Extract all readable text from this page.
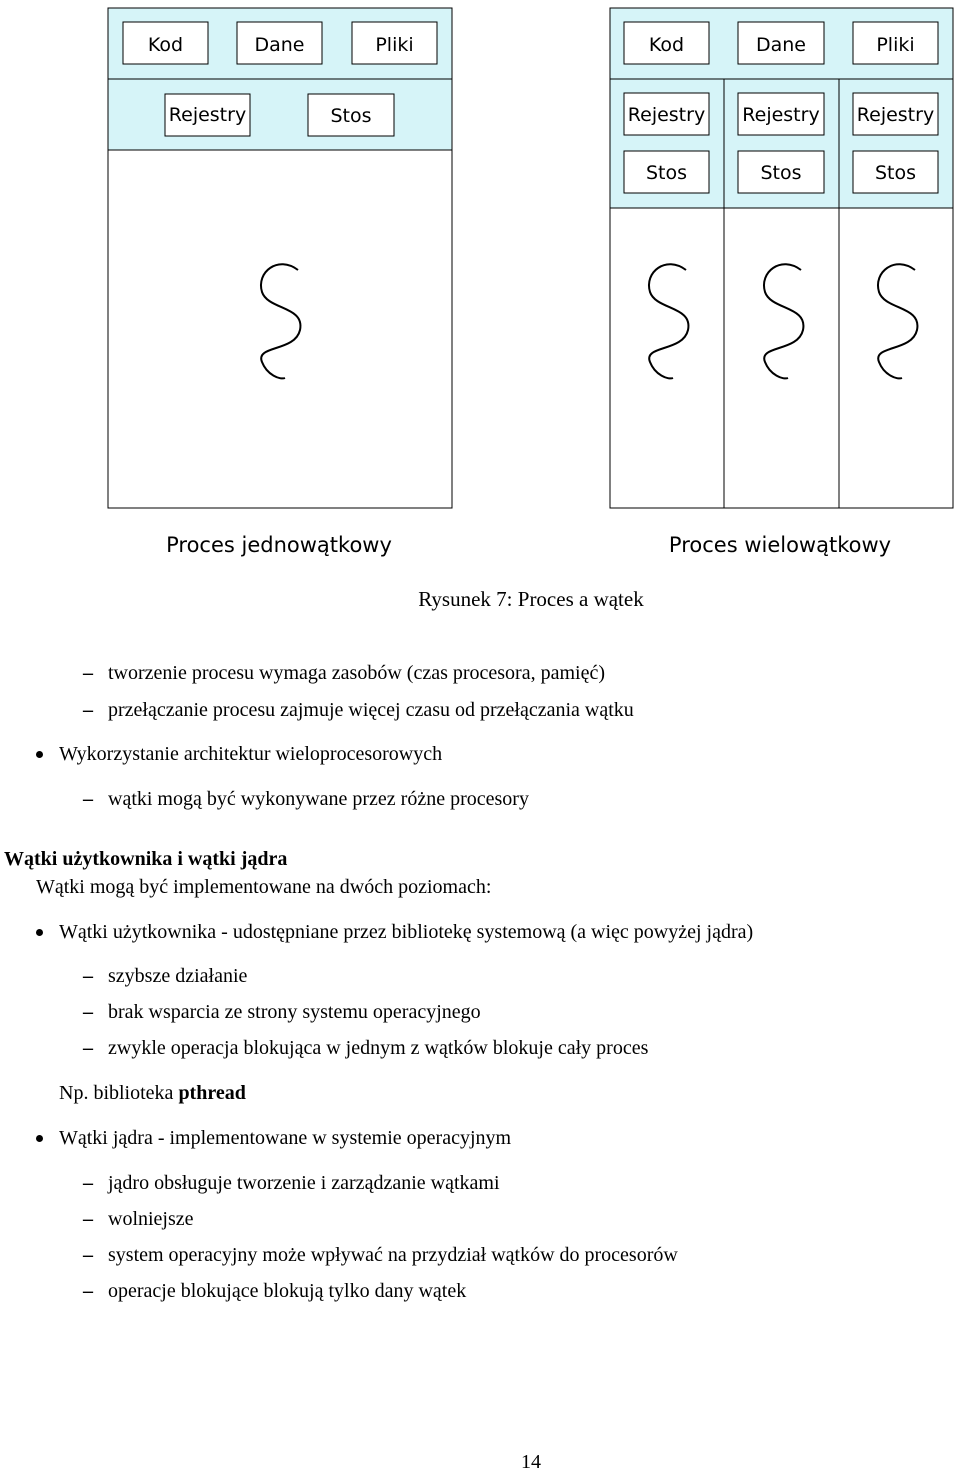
Kod	Dane	Pliki
Rejestry	Stos
Kod	Dane	Pliki
Rejestry Rejestry Rejestry
Stos	Stos	Stos
Proces jednowątkowy	Proces wielowątkowy
Rysunek 7: Proces a wątek
– tworzenie procesu wymaga zasobów (czas procesora, pamięć)
– przełączanie procesu zajmuje więcej czasu od przełączania wątku
Wykorzystanie architektur wieloprocesorowych
– wątki mogą być wykonywane przez różne procesory
Wątki użytkownika i wątki jądra
Wątki mogą być implementowane na dwóch poziomach:
Wątki użytkownika - udostępniane przez bibliotekę systemową (a więc powyżej jądra)
– szybsze działanie
– brak wsparcia ze strony systemu operacyjnego
– zwykle operacja blokująca w jednym z wątków blokuje cały proces
Np. biblioteka pthread
Wątki jądra - implementowane w systemie operacyjnym
– jądro obsługuje tworzenie i zarządzanie wątkami
– wolniejsze
– system operacyjny może wpływać na przydział wątków do procesorów
– operacje blokujące blokują tylko dany wątek
14
